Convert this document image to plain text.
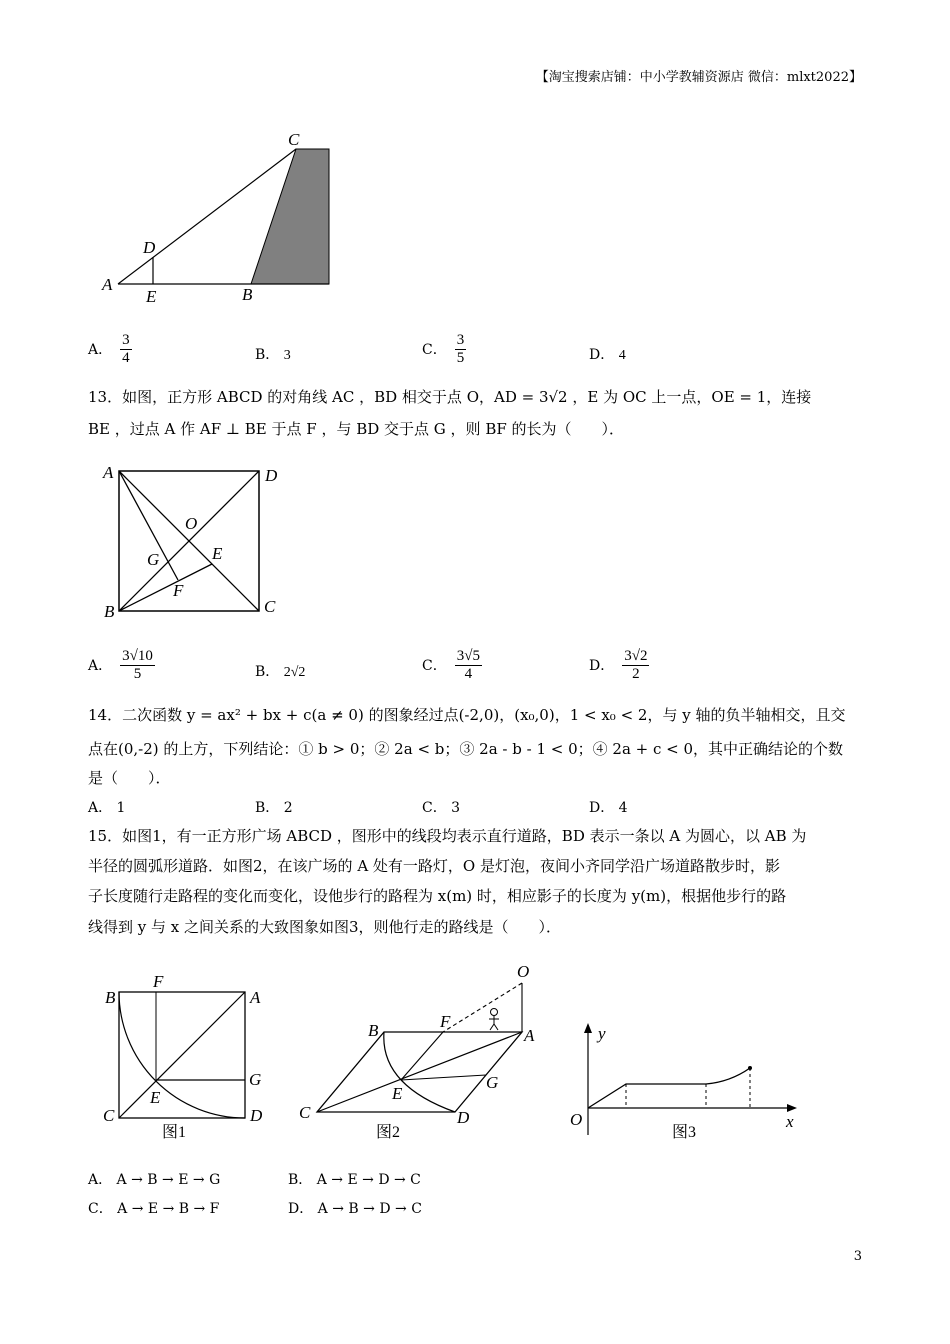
【淘宝搜索店铺：中小学教辅资源店 微信：mlxt2022】
C
D
A
E	B
A． $\frac{3}{4}$	B． 3	C． $\frac{3}{5}$	D． 4
13．如图，正方形 ABCD 的对角线 AC ，BD 相交于点 O，AD = 3√2 ，E 为 OC 上一点，OE = 1，连接
BE ，过点 A 作 AF ⊥ BE 于点 F ，与 BD 交于点 G ，则 BF 的长为（　　）．
A	D
O
G	E
F
B	C
A． $\frac{3√10}{5}$	B． 2√2	C． $\frac{3√5}{4}$	D． $\frac{3√2}{2}$
14．二次函数 y = ax² + bx + c(a ≠ 0) 的图象经过点(-2,0)，(x₀,0)，1 < x₀ < 2，与 y 轴的负半轴相交，且交
点在(0,-2) 的上方，下列结论：① b > 0；② 2a < b；③ 2a - b - 1 < 0；④ 2a + c < 0，其中正确结论的个数
是（　　）．
A． 1	B． 2	C． 3	D． 4
15．如图1，有一正方形广场 ABCD ，图形中的线段均表示直行道路，BD 表示一条以 A 为圆心，以 AB 为
半径的圆弧形道路．如图2，在该广场的 A 处有一路灯，O 是灯泡，夜间小齐同学沿广场道路散步时，影
子长度随行走路程的变化而变化，设他步行的路程为 x(m) 时，相应影子的长度为 y(m)，根据他步行的路
线得到 y 与 x 之间关系的大致图象如图3，则他行走的路线是（　　）．
B
F
A
G
E
C	D
图1
O
B	F
A
G
E
C	D
图2
y
x
O
图3
A． A → B → E → G	B． A → E → D → C
C． A → E → B → F	D． A → B → D → C
3
